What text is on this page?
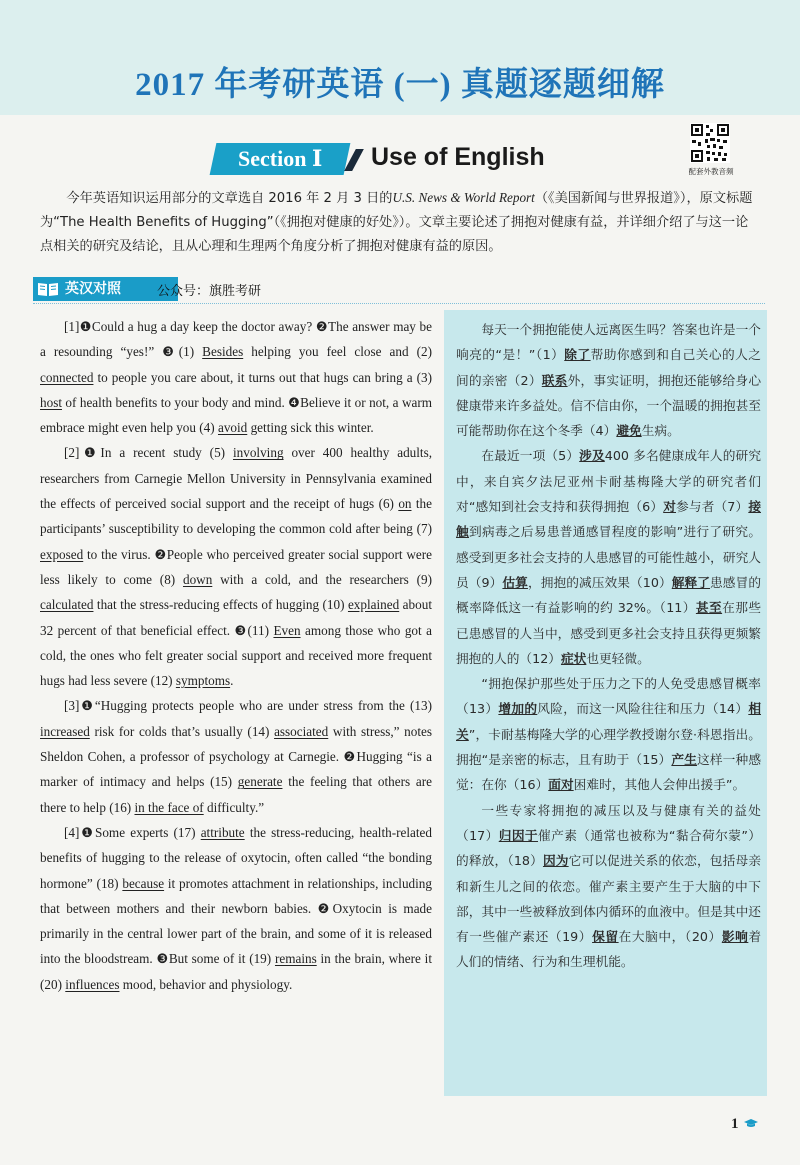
2017 年考研英语 (一) 真题逐题细解
Section Ⅰ	Use of English
配套外教音频
今年英语知识运用部分的文章选自 2016 年 2 月 3 日的U.S. News & World Report（《美国新闻与世界报道》），原文标题为“The Health Benefits of Hugging”（《拥抱对健康的好处》）。文章主要论述了拥抱对健康有益，并详细介绍了与这一论点相关的研究及结论，且从心理和生理两个角度分析了拥抱对健康有益的原因。
英汉对照	公众号：旗胜考研

[1]❶Could a hug a day keep the doctor away? ❷The answer may be a resounding “yes!” ❸(1) Besides helping you feel close and (2) connected to people you care about, it turns out that hugs can bring a (3) host of health benefits to your body and mind. ❹Believe it or not, a warm embrace might even help you (4) avoid getting sick this winter.

[2]❶In a recent study (5) involving over 400 healthy adults, researchers from Carnegie Mellon University in Pennsylvania examined the effects of perceived social support and the receipt of hugs (6) on the participants’ susceptibility to developing the common cold after being (7) exposed to the virus. ❷People who perceived greater social support were less likely to come (8) down with a cold, and the researchers (9) calculated that the stress-reducing effects of hugging (10) explained about 32 percent of that beneficial effect. ❸(11) Even among those who got a cold, the ones who felt greater social support and received more frequent hugs had less severe (12) symptoms.

[3]❶“Hugging protects people who are under stress from the (13) increased risk for colds that’s usually (14) associated with stress,” notes Sheldon Cohen, a professor of psychology at Carnegie. ❷Hugging “is a marker of intimacy and helps (15) generate the feeling that others are there to help (16) in the face of difficulty.”

[4]❶Some experts (17) attribute the stress-reducing, health-related benefits of hugging to the release of oxytocin, often called “the bonding hormone” (18) because it promotes attachment in relationships, including that between mothers and their newborn babies. ❷Oxytocin is made primarily in the central lower part of the brain, and some of it is released into the bloodstream. ❸But some of it (19) remains in the brain, where it (20) influences mood, behavior and physiology.

每天一个拥抱能使人远离医生吗？答案也许是一个响亮的“是！”（1）除了帮助你感到和自己关心的人之间的亲密（2）联系外，事实证明，拥抱还能够给身心健康带来许多益处。信不信由你，一个温暖的拥抱甚至可能帮助你在这个冬季（4）避免生病。

在最近一项（5）涉及400 多名健康成年人的研究中，来自宾夕法尼亚州卡耐基梅隆大学的研究者们对“感知到社会支持和获得拥抱（6）对参与者（7）接触到病毒之后易患普通感冒程度的影响”进行了研究。感受到更多社会支持的人患感冒的可能性越小，研究人员（9）估算，拥抱的减压效果（10）解释了患感冒的概率降低这一有益影响的约 32%。（11）甚至在那些已患感冒的人当中，感受到更多社会支持且获得更频繁拥抱的人的（12）症状也更轻微。

“拥抱保护那些处于压力之下的人免受患感冒概率（13）增加的风险，而这一风险往往和压力（14）相关”，卡耐基梅隆大学的心理学教授谢尔登·科恩指出。拥抱“是亲密的标志，且有助于（15）产生这样一种感觉：在你（16）面对困难时，其他人会伸出援手”。

一些专家将拥抱的减压以及与健康有关的益处（17）归因于催产素（通常也被称为“黏合荷尔蒙”）的释放，（18）因为它可以促进关系的依恋，包括母亲和新生儿之间的依恋。催产素主要产生于大脑的中下部，其中一些被释放到体内循环的血液中。但是其中还有一些催产素还（19）保留在大脑中，（20）影响着人们的情绪、行为和生理机能。

1
